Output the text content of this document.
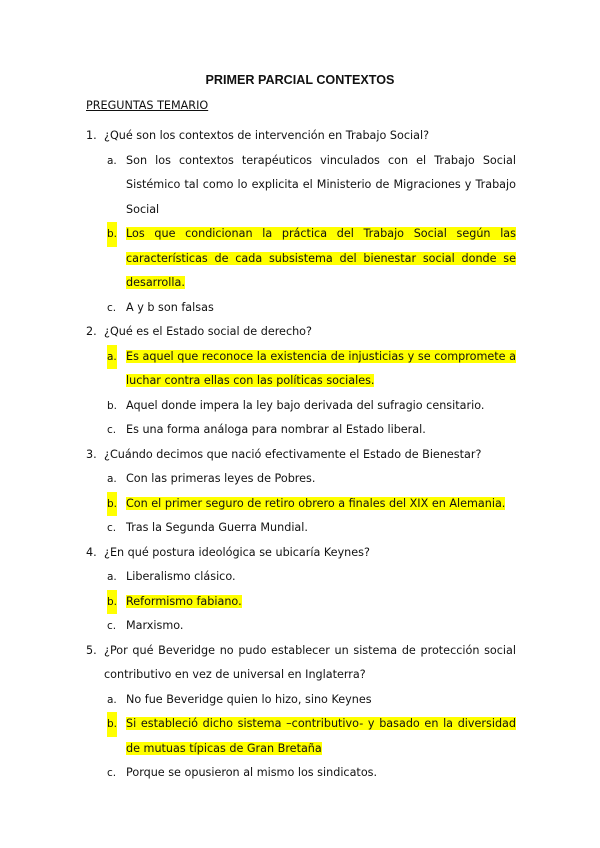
PRIMER PARCIAL CONTEXTOS
PREGUNTAS TEMARIO
1. ¿Qué son los contextos de intervención en Trabajo Social?
a. Son los contextos terapéuticos vinculados con el Trabajo Social Sistémico tal como lo explicita el Ministerio de Migraciones y Trabajo Social
b. Los que condicionan la práctica del Trabajo Social según las características de cada subsistema del bienestar social donde se desarrolla.
c. A y b son falsas
2. ¿Qué es el Estado social de derecho?
a. Es aquel que reconoce la existencia de injusticias y se compromete a luchar contra ellas con las políticas sociales.
b. Aquel donde impera la ley bajo derivada del sufragio censitario.
c. Es una forma análoga para nombrar al Estado liberal.
3. ¿Cuándo decimos que nació efectivamente el Estado de Bienestar?
a. Con las primeras leyes de Pobres.
b. Con el primer seguro de retiro obrero a finales del XIX en Alemania.
c. Tras la Segunda Guerra Mundial.
4. ¿En qué postura ideológica se ubicaría Keynes?
a. Liberalismo clásico.
b. Reformismo fabiano.
c. Marxismo.
5. ¿Por qué Beveridge no pudo establecer un sistema de protección social contributivo en vez de universal en Inglaterra?
a. No fue Beveridge quien lo hizo, sino Keynes
b. Si estableció dicho sistema –contributivo- y basado en la diversidad de mutuas típicas de Gran Bretaña
c. Porque se opusieron al mismo los sindicatos.
